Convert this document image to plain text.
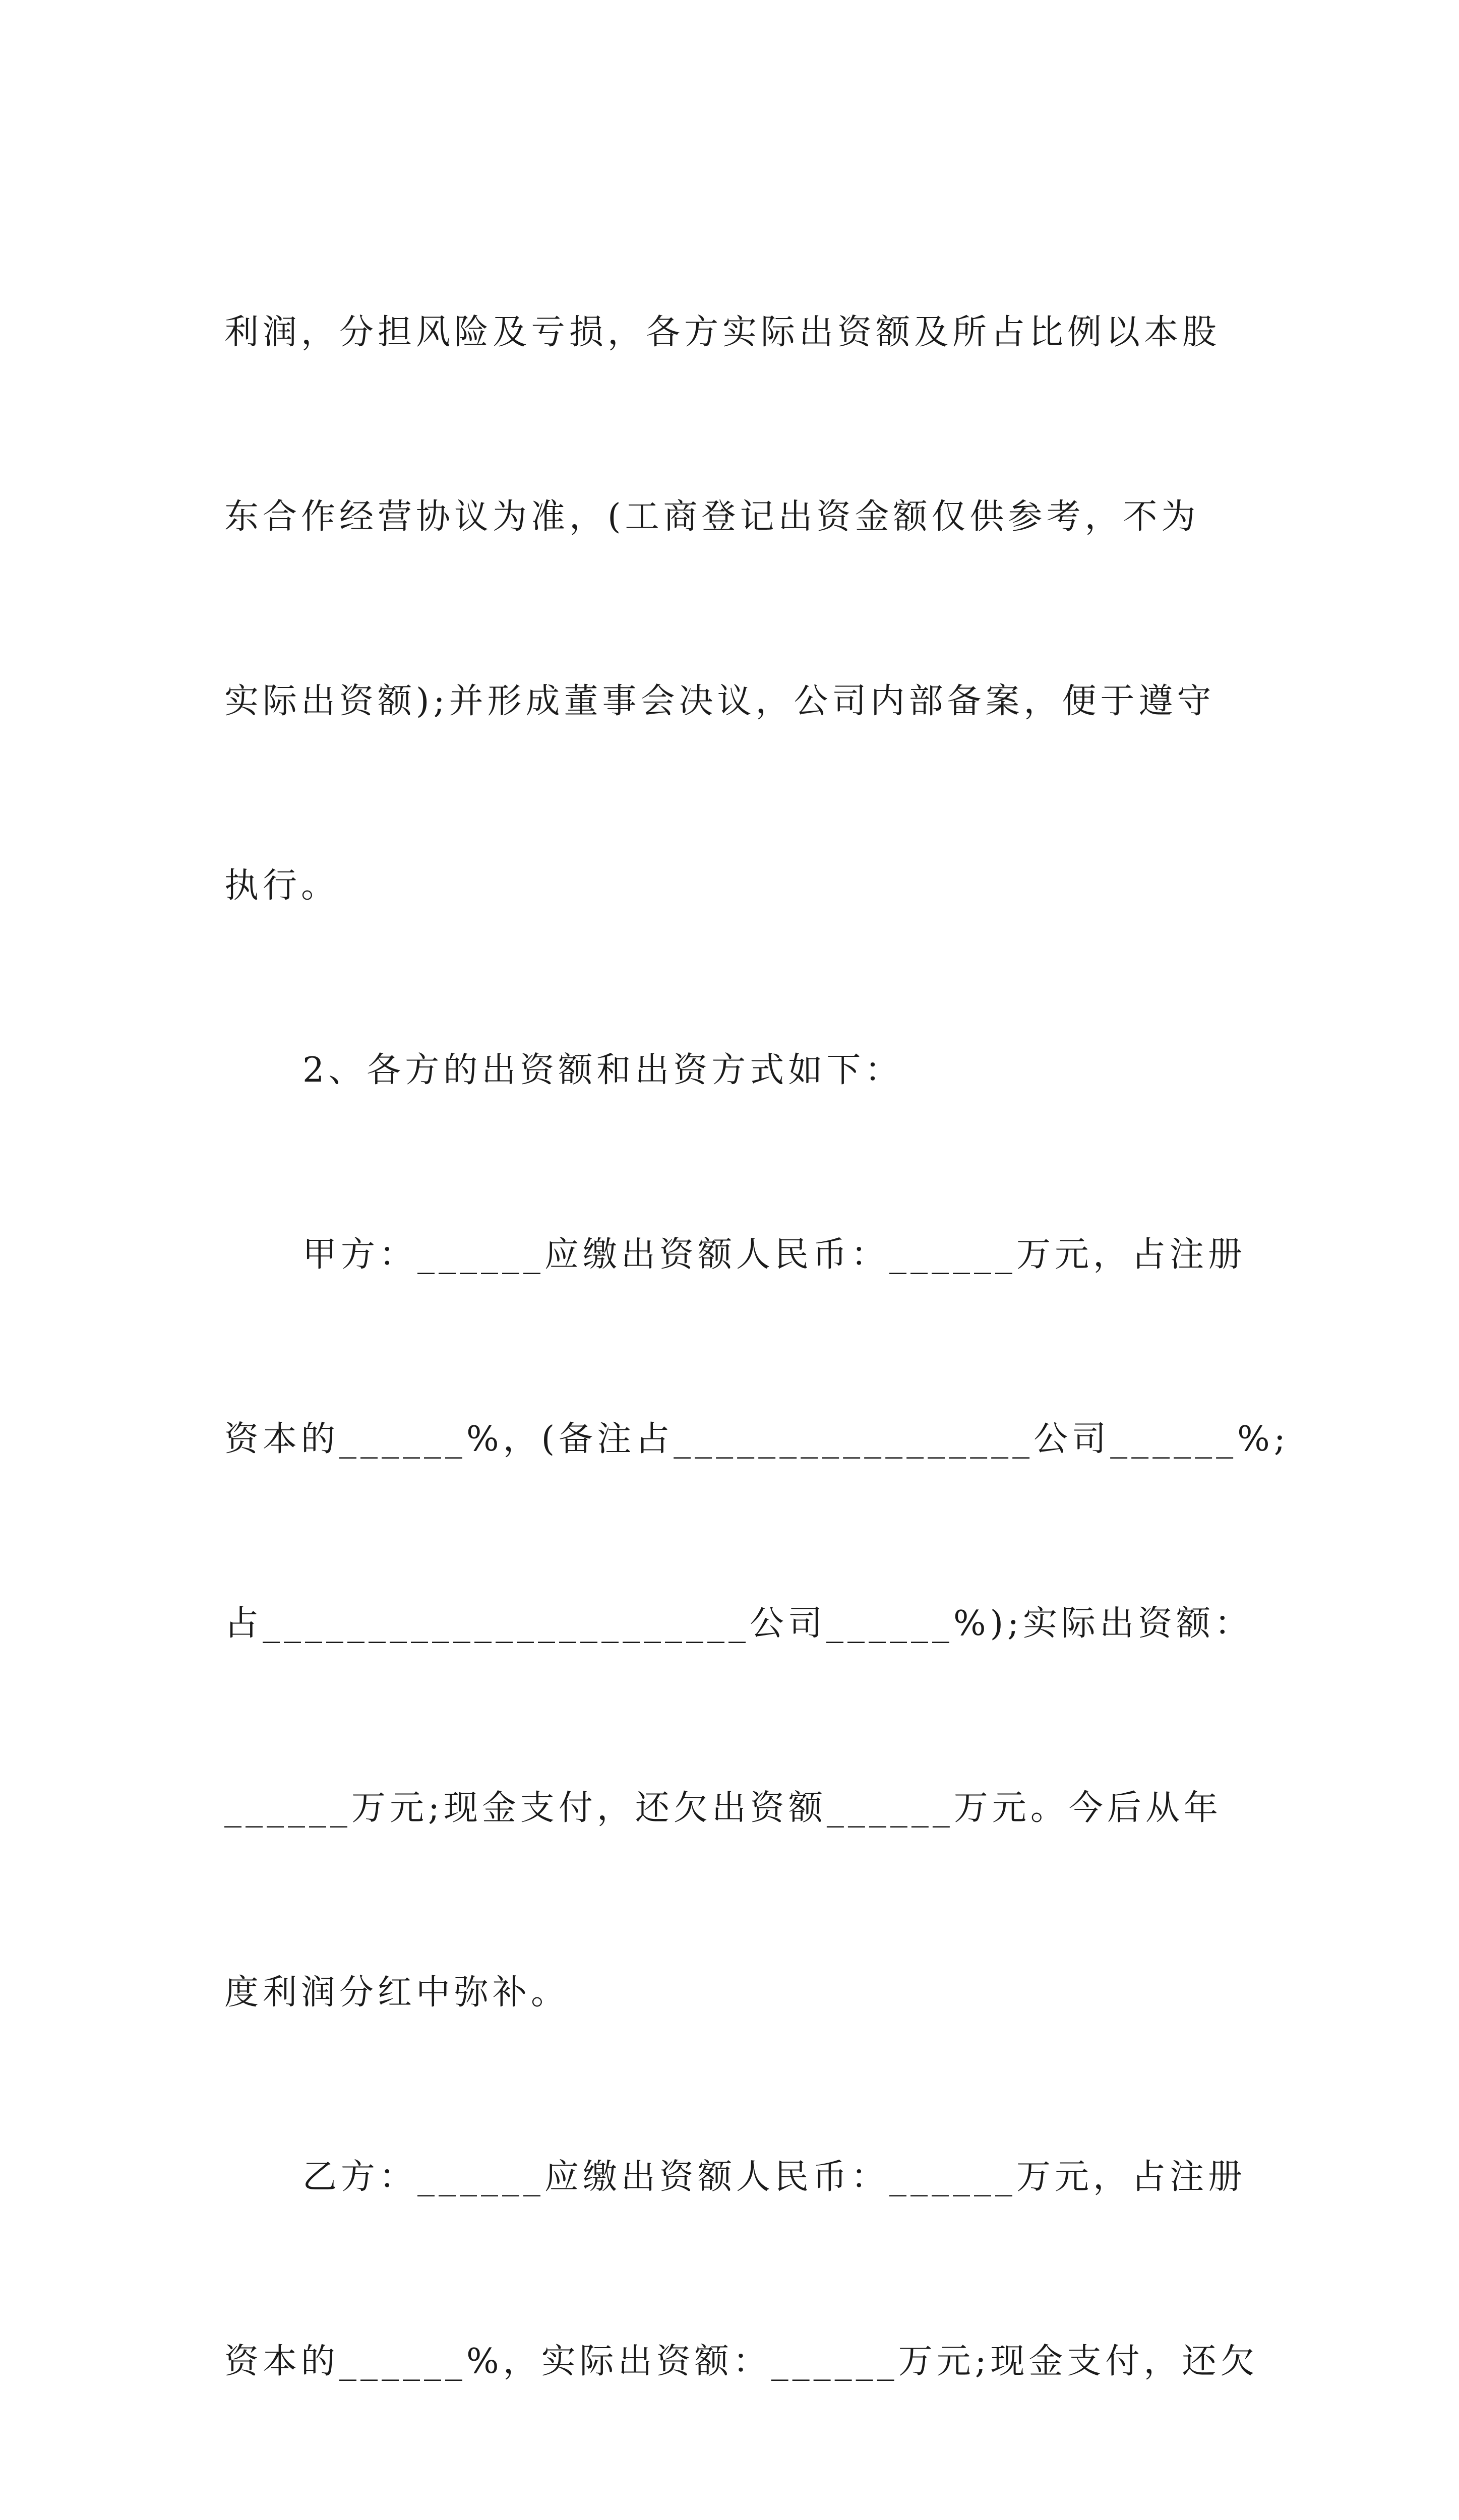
利润，分担风险及亏损，各方实际出资额及所占比例以本股

东合作经营协议为准，(工商登记出资金额仅供参考，不为

实际出资额);并形成董事会决议，公司内部备案，便于遵守

执行。

2、各方的出资额和出资方式如下：

甲方：______应缴出资额人民币：______万元，占注册

资本的______%，(备注占_________________公司______%;

占_______________________公司______%);实际出资额：

______万元;现金支付，还欠出资额______万元。今后从年

度利润分红中弥补。

乙方：______应缴出资额人民币：______万元，占注册

资本的______%，实际出资额：______万元;现金支付，还欠
